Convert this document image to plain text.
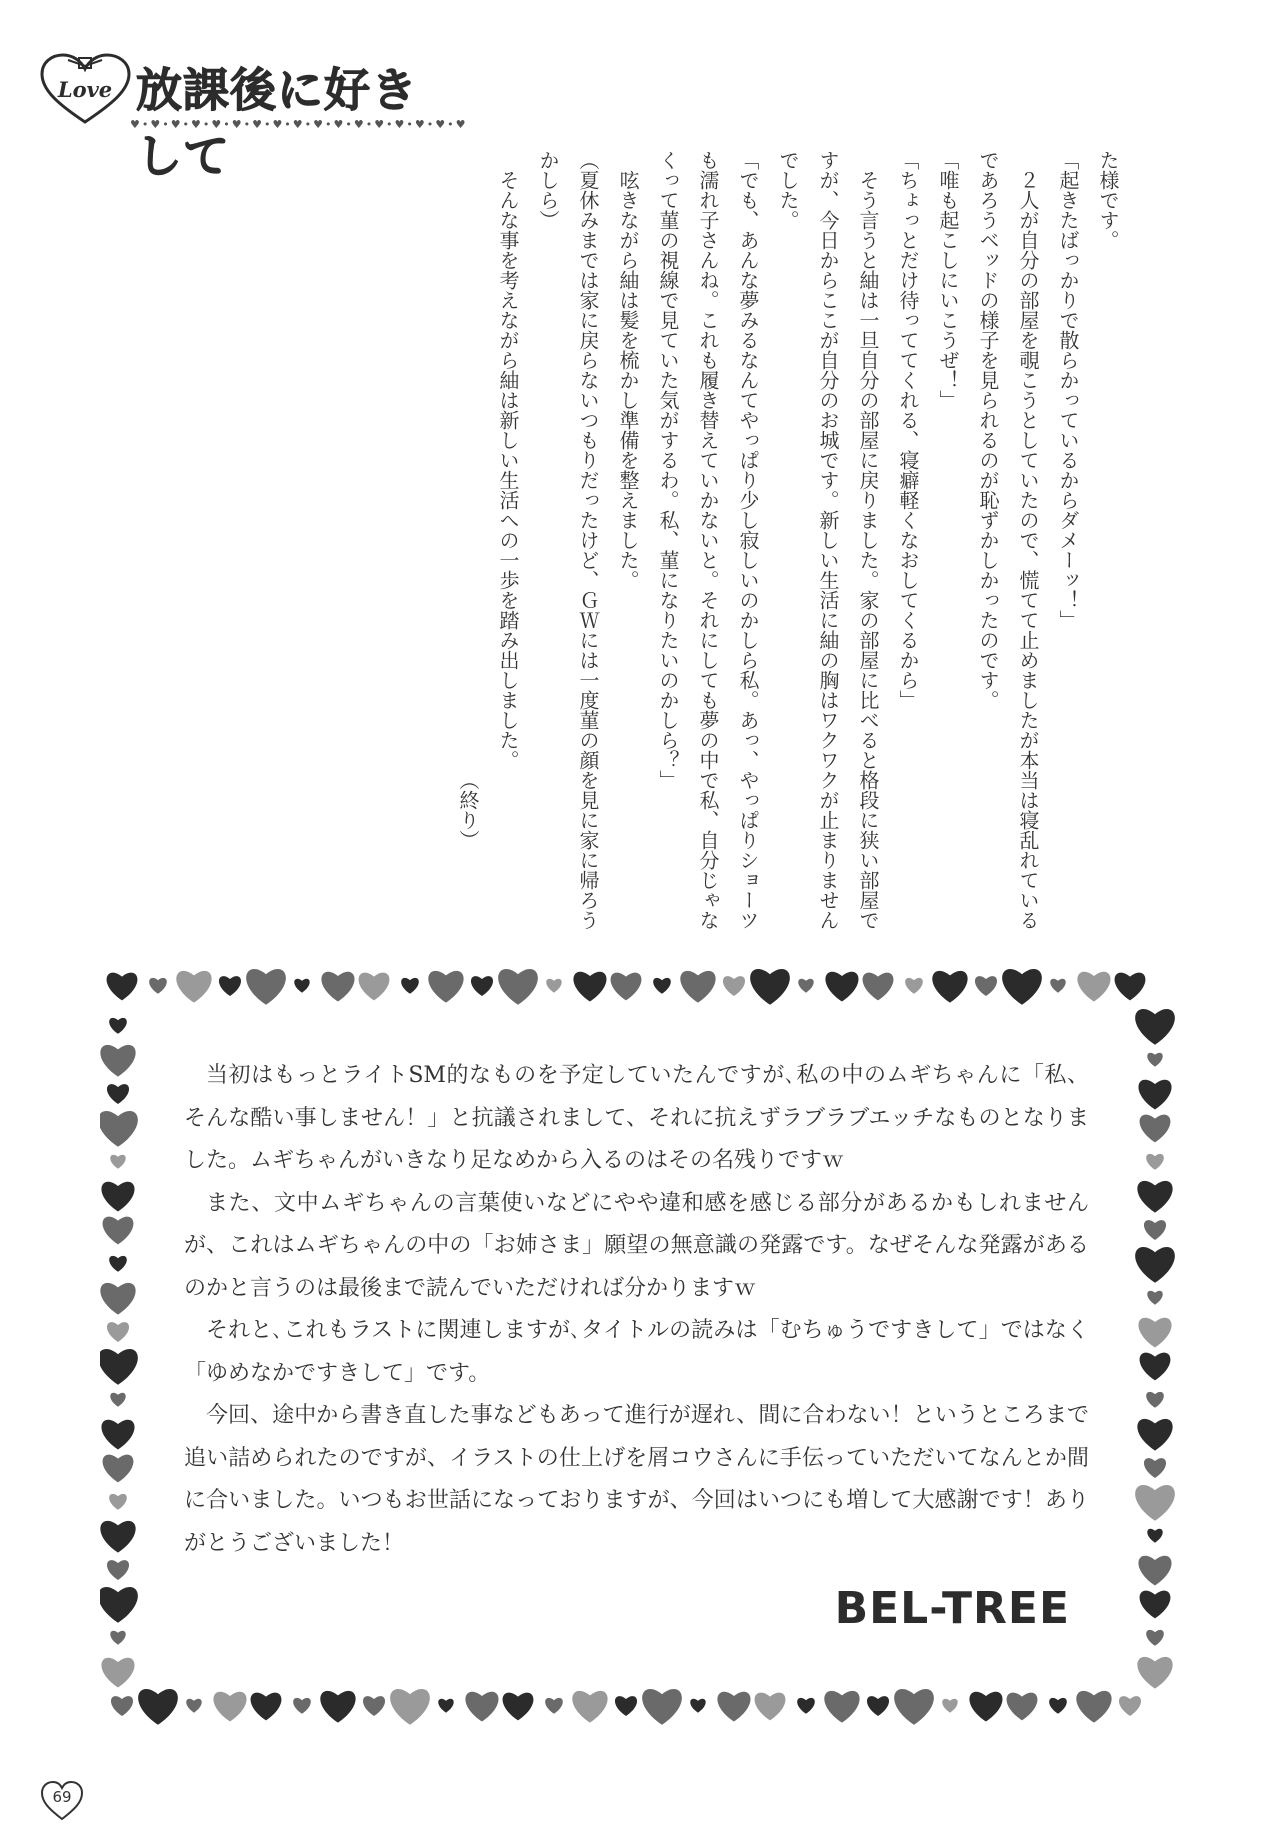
Love 放課後に好きして
♥•♥•♥•♥•♥•♥•♥•♥•♥•♥•♥•♥•♥•♥•♥•♥•♥

た様です。

「起きたばっかりで散らかっているからダメーッ！」

２人が自分の部屋を覗こうとしていたので、慌てて止めましたが本当は寝乱れているであろうベッドの様子を見られるのが恥ずかしかったのです。

「唯も起こしにいこうぜ！」

「ちょっとだけ待っててくれる、寝癖軽くなおしてくるから」

そう言うと紬は一旦自分の部屋に戻りました。家の部屋に比べると格段に狭い部屋ですが、今日からここが自分のお城です。新しい生活に紬の胸はワクワクが止まりませんでした。

「でも、あんな夢みるなんてやっぱり少し寂しいのかしら私。あっ、やっぱりショーツも濡れ子さんね。これも履き替えていかないと。それにしても夢の中で私、自分じゃなくって菫の視線で見ていた気がするわ。私、菫になりたいのかしら？」

呟きながら紬は髪を梳かし準備を整えました。

（夏休みまでは家に戻らないつもりだったけど、ＧＷには一度菫の顔を見に家に帰ろうかしら）

そんな事を考えながら紬は新しい生活への一歩を踏み出しました。

（終り）

当初はもっとライトSM的なものを予定していたんですが､私の中のムギちゃんに「私、そんな酷い事しません！」と抗議されまして、それに抗えずラブラブエッチなものとなりました。ムギちゃんがいきなり足なめから入るのはその名残りですｗ

また、文中ムギちゃんの言葉使いなどにやや違和感を感じる部分があるかもしれませんが、これはムギちゃんの中の「お姉さま」願望の無意識の発露です。なぜそんな発露があるのかと言うのは最後まで読んでいただければ分かりますｗ

それと､これもラストに関連しますが､タイトルの読みは「むちゅうですきして」ではなく「ゆめなかですきして」です。

今回、途中から書き直した事などもあって進行が遅れ、間に合わない！というところまで追い詰められたのですが、イラストの仕上げを屑コウさんに手伝っていただいてなんとか間に合いました。いつもお世話になっておりますが、今回はいつにも増して大感謝です！ありがとうございました！

BEL-TREE
69
